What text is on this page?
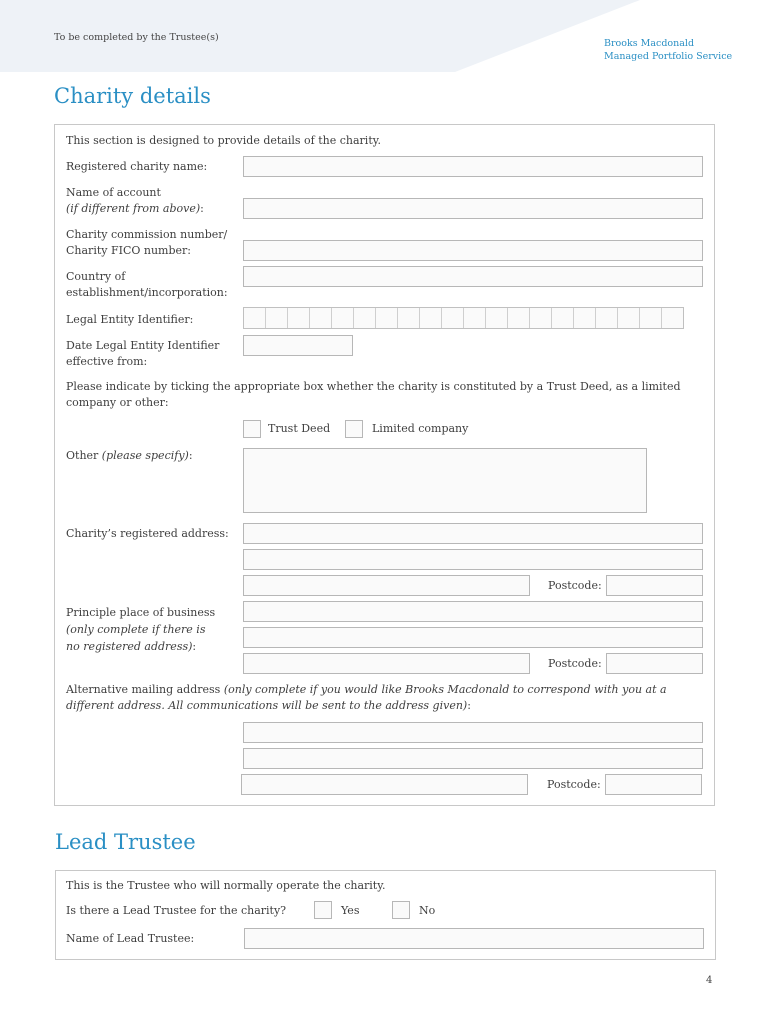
To be completed by the Trustee(s)
Brooks Macdonald
Managed Portfolio Service
Charity details
This section is designed to provide details of the charity.
Registered charity name:
Name of account
(if different from above):
Charity commission number/
Charity FICO number:
Country of
establishment/incorporation:
Legal Entity Identifier:
Date Legal Entity Identifier
effective from:
Please indicate by ticking the appropriate box whether the charity is constituted by a Trust Deed, as a limited company or other:
Trust Deed	Limited company
Other (please specify):
Charity’s registered address:
Postcode:
Principle place of business
(only complete if there is
no registered address):
Postcode:
Alternative mailing address (only complete if you would like Brooks Macdonald to correspond with you at a
different address. All communications will be sent to the address given):
Postcode:
Lead Trustee
This is the Trustee who will normally operate the charity.
Is there a Lead Trustee for the charity?	Yes	No
Name of Lead Trustee:
4
